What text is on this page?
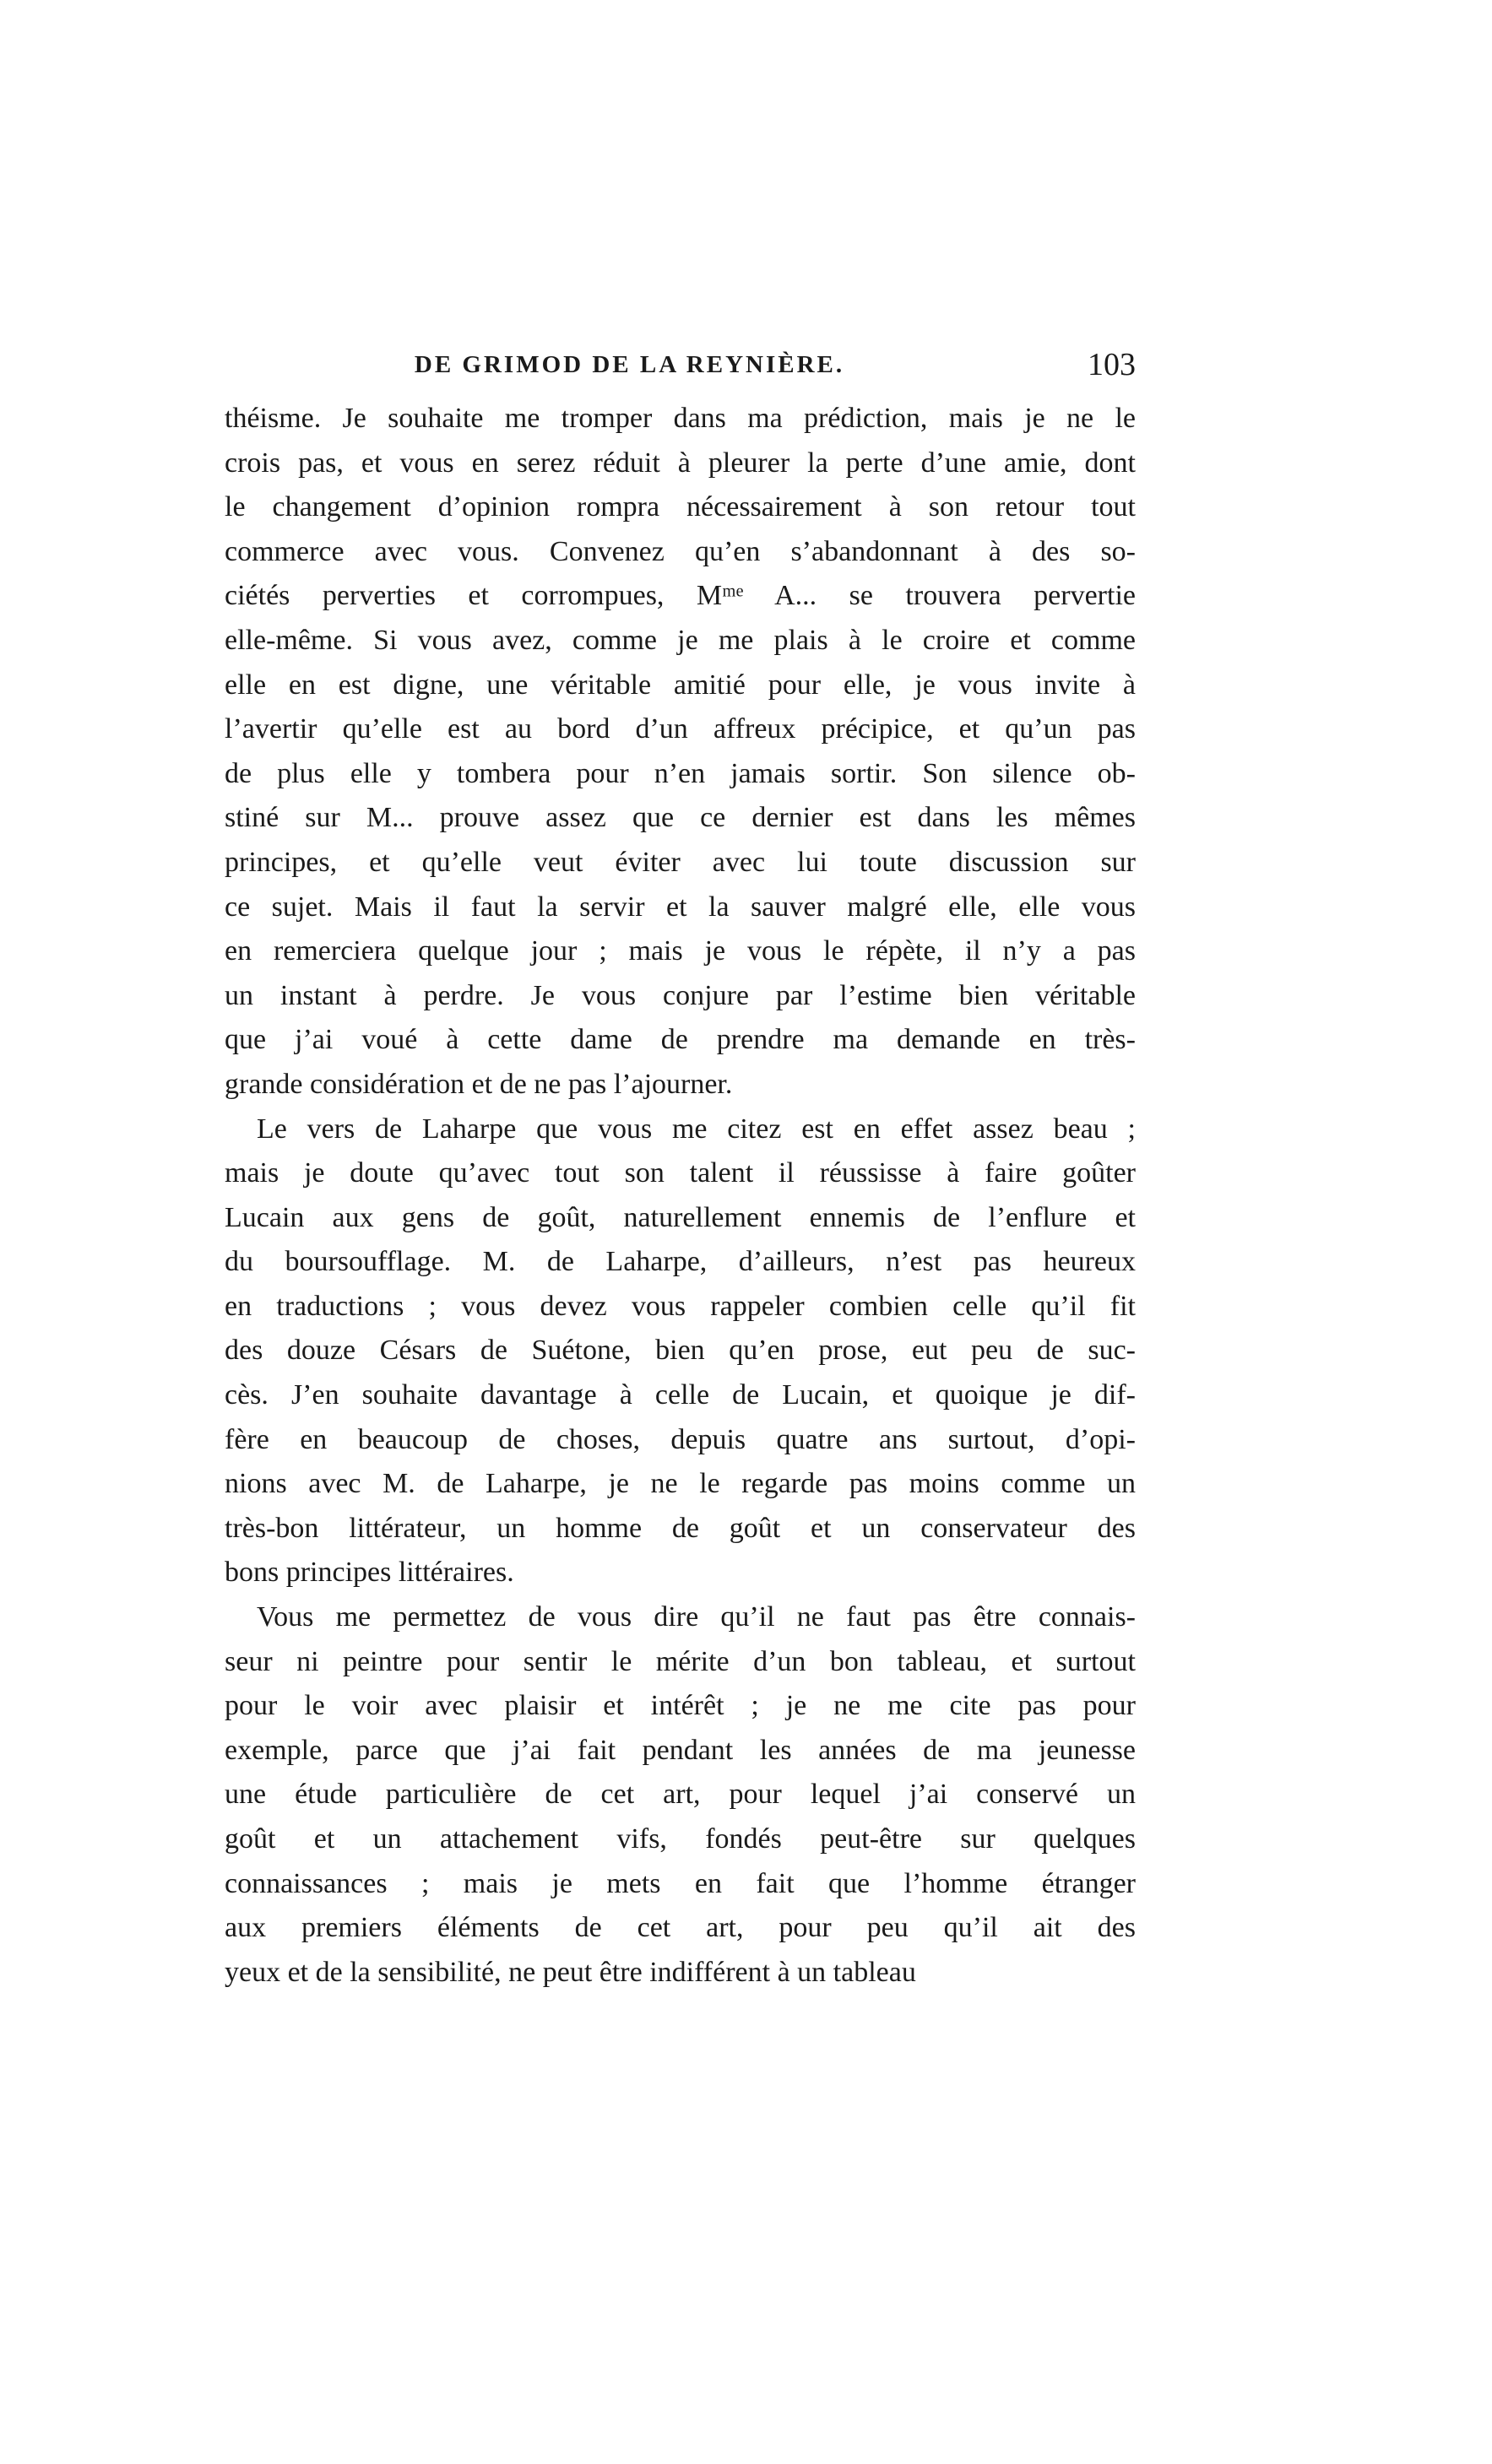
DE GRIMOD DE LA REYNIÈRE.	103
théisme. Je souhaite me tromper dans ma prédiction, mais je ne le
crois pas, et vous en serez réduit à pleurer la perte d’une amie, dont
le changement d’opinion rompra nécessairement à son retour tout
commerce avec vous. Convenez qu’en s’abandonnant à des so-
ciétés perverties et corrompues, Mᵐᵉ A... se trouvera pervertie
elle-même. Si vous avez, comme je me plais à le croire et comme
elle en est digne, une véritable amitié pour elle, je vous invite à
l’avertir qu’elle est au bord d’un affreux précipice, et qu’un pas
de plus elle y tombera pour n’en jamais sortir. Son silence ob-
stiné sur M... prouve assez que ce dernier est dans les mêmes
principes, et qu’elle veut éviter avec lui toute discussion sur
ce sujet. Mais il faut la servir et la sauver malgré elle, elle vous
en remerciera quelque jour ; mais je vous le répète, il n’y a pas
un instant à perdre. Je vous conjure par l’estime bien véritable
que j’ai voué à cette dame de prendre ma demande en très-
grande considération et de ne pas l’ajourner.
Le vers de Laharpe que vous me citez est en effet assez beau ;
mais je doute qu’avec tout son talent il réussisse à faire goûter
Lucain aux gens de goût, naturellement ennemis de l’enflure et
du boursoufflage. M. de Laharpe, d’ailleurs, n’est pas heureux
en traductions ; vous devez vous rappeler combien celle qu’il fit
des douze Césars de Suétone, bien qu’en prose, eut peu de suc-
cès. J’en souhaite davantage à celle de Lucain, et quoique je dif-
fère en beaucoup de choses, depuis quatre ans surtout, d’opi-
nions avec M. de Laharpe, je ne le regarde pas moins comme un
très-bon littérateur, un homme de goût et un conservateur des
bons principes littéraires.
Vous me permettez de vous dire qu’il ne faut pas être connais-
seur ni peintre pour sentir le mérite d’un bon tableau, et surtout
pour le voir avec plaisir et intérêt ; je ne me cite pas pour
exemple, parce que j’ai fait pendant les années de ma jeunesse
une étude particulière de cet art, pour lequel j’ai conservé un
goût et un attachement vifs, fondés peut-être sur quelques
connaissances ; mais je mets en fait que l’homme étranger
aux premiers éléments de cet art, pour peu qu’il ait des
yeux et de la sensibilité, ne peut être indifférent à un tableau
